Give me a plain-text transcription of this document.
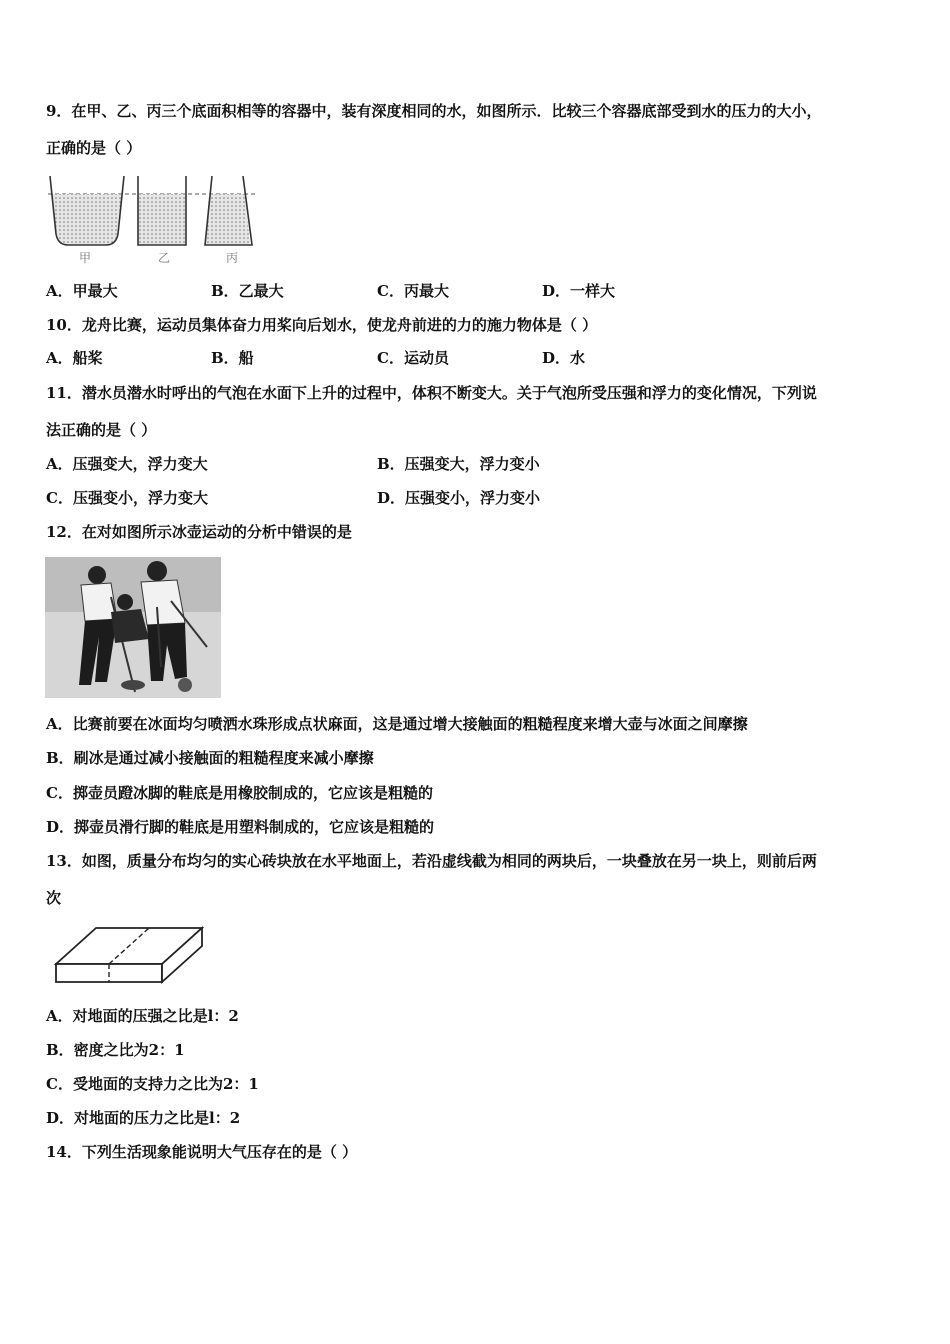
9．在甲、乙、丙三个底面积相等的容器中，装有深度相同的水，如图所示．比较三个容器底部受到水的压力的大小，
正确的是（ ）
甲	乙	丙
A．甲最大	B．乙最大	C．丙最大	D．一样大
10．龙舟比赛，运动员集体奋力用桨向后划水，使龙舟前进的力的施力物体是（ ）
A．船桨	B．船	C．运动员	D．水
11．潜水员潜水时呼出的气泡在水面下上升的过程中，体积不断变大。关于气泡所受压强和浮力的变化情况，下列说
法正确的是（ ）
A．压强变大，浮力变大	B．压强变大，浮力变小
C．压强变小，浮力变大	D．压强变小，浮力变小
12．在对如图所示冰壶运动的分析中错误的是
A．比赛前要在冰面均匀喷洒水珠形成点状麻面，这是通过增大接触面的粗糙程度来增大壶与冰面之间摩擦
B．刷冰是通过减小接触面的粗糙程度来减小摩擦
C．掷壶员蹬冰脚的鞋底是用橡胶制成的，它应该是粗糙的
D．掷壶员滑行脚的鞋底是用塑料制成的，它应该是粗糙的
13．如图，质量分布均匀的实心砖块放在水平地面上，若沿虚线截为相同的两块后，一块叠放在另一块上，则前后两
次
A．对地面的压强之比是l：2
B．密度之比为2：1
C．受地面的支持力之比为2：1
D．对地面的压力之比是l：2
14．下列生活现象能说明大气压存在的是（ ）
